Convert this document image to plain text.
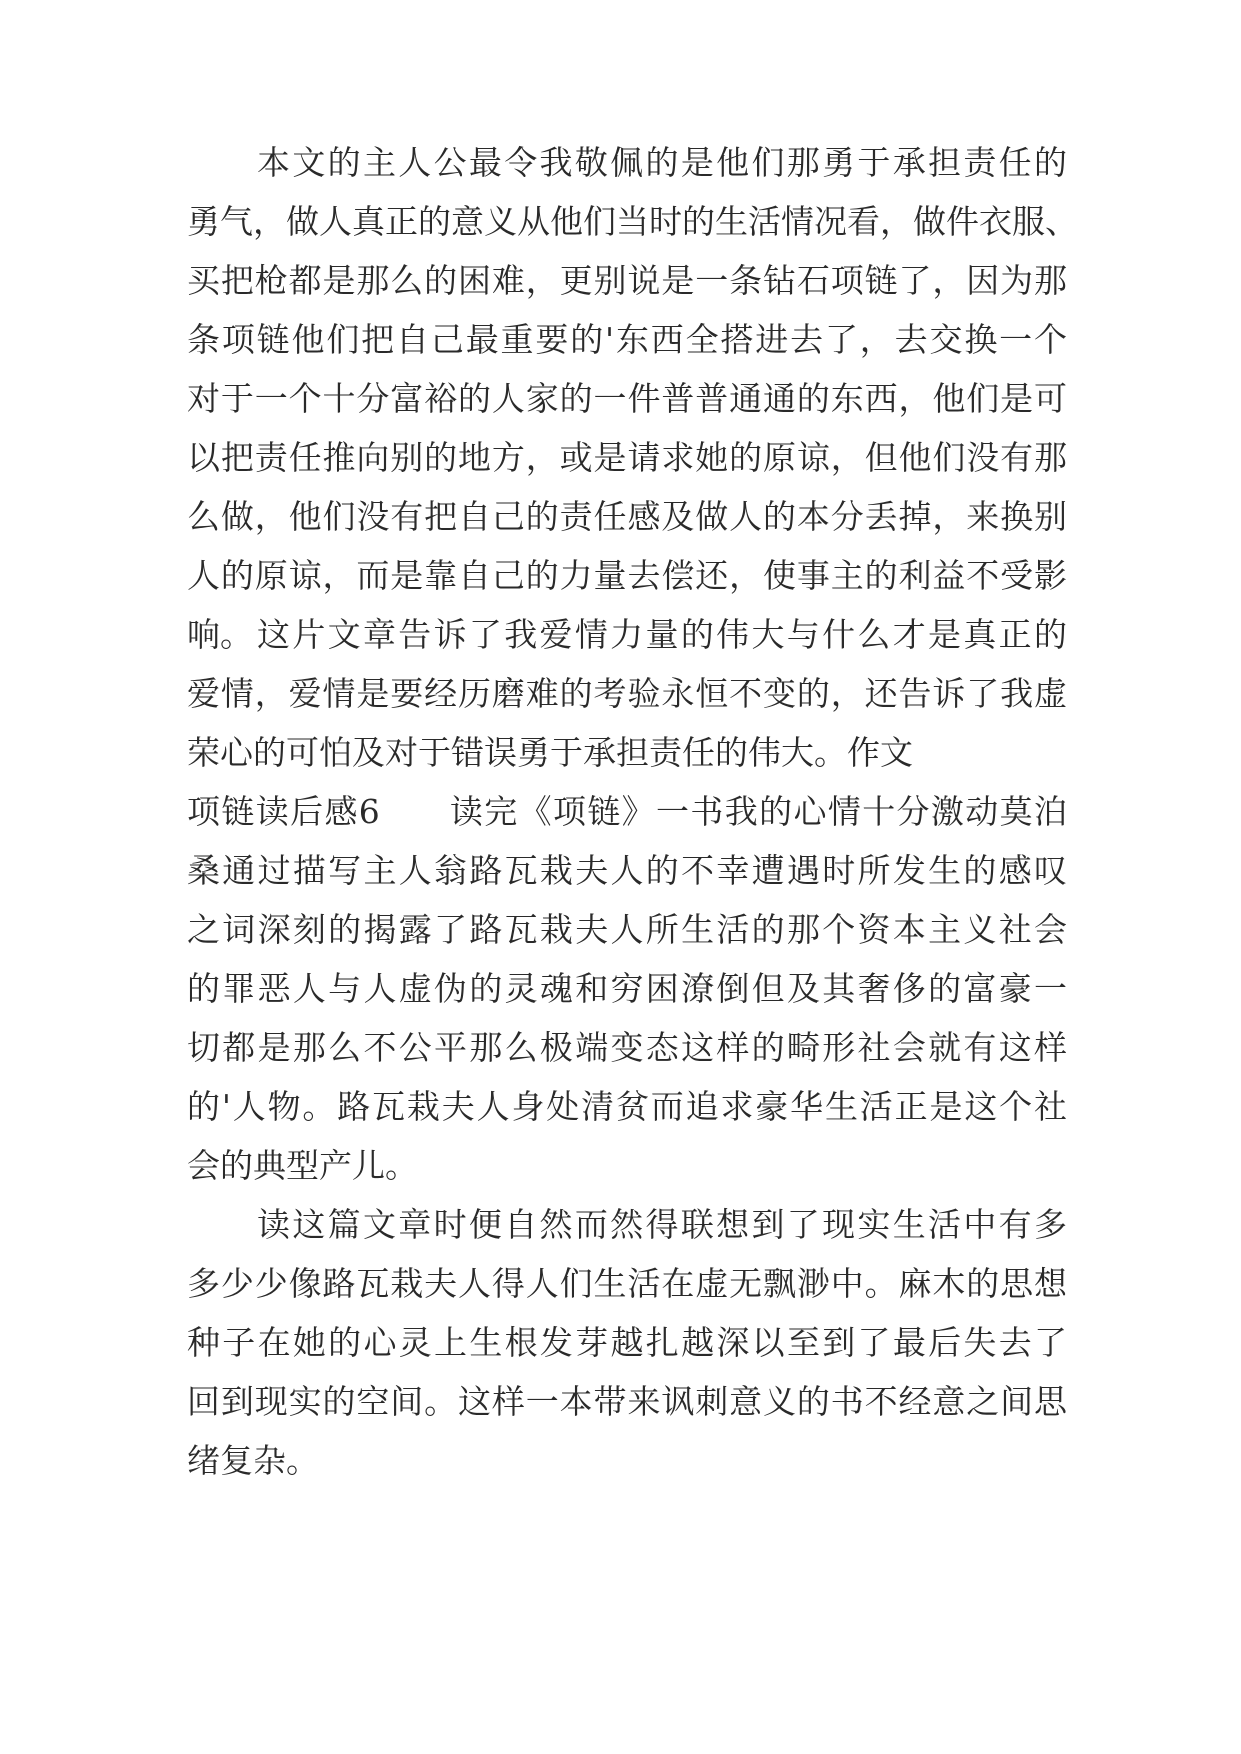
本文的主人公最令我敬佩的是他们那勇于承担责任的
勇气，做人真正的意义从他们当时的生活情况看，做件衣服、
买把枪都是那么的困难，更别说是一条钻石项链了，因为那
条项链他们把自己最重要的'东西全搭进去了，去交换一个
对于一个十分富裕的人家的一件普普通通的东西，他们是可
以把责任推向别的地方，或是请求她的原谅，但他们没有那
么做，他们没有把自己的责任感及做人的本分丢掉，来换别
人的原谅，而是靠自己的力量去偿还，使事主的利益不受影
响。 这片文章告诉了我爱情力量的伟大与什么才是真正的
爱情，爱情是要经历磨难的考验永恒不变的，还告诉了我虚
荣心的可怕及对于错误勇于承担责任的伟大。作文
项链读后感6　　读完《项链》一书我的心情十分激动莫泊
桑通过描写主人翁路瓦栽夫人的不幸遭遇时所发生的感叹
之词深刻的揭露了路瓦栽夫人所生活的那个资本主义社会
的罪恶人与人虚伪的灵魂和穷困潦倒但及其奢侈的富豪一
切都是那么不公平那么极端变态这样的畸形社会就有这样
的'人物。路瓦栽夫人身处清贫而追求豪华生活正是这个社
会的典型产儿。
读这篇文章时便自然而然得联想到了现实生活中有多
多少少像路瓦栽夫人得人们生活在虚无飘渺中。麻木的思想
种子在她的心灵上生根发芽越扎越深以至到了最后失去了
回到现实的空间。这样一本带来讽刺意义的书不经意之间思
绪复杂。
